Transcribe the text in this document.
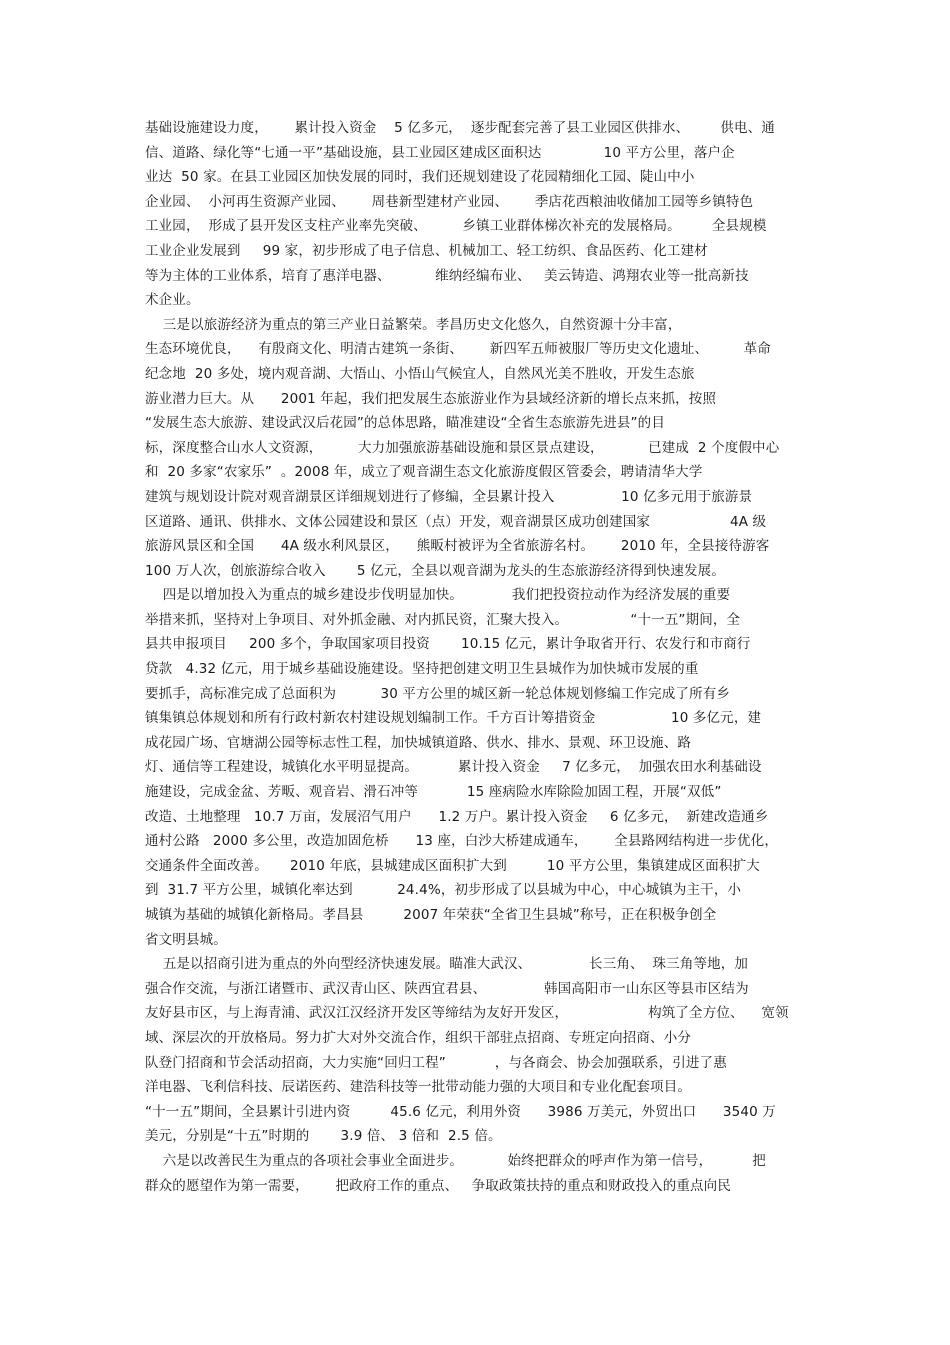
基础设施建设力度，      累计投入资金    5 亿多元，  逐步配套完善了县工业园区供排水、       供电、通
信、道路、绿化等“七通一平”基础设施，县工业园区建成区面积达              10 平方公里，落户企
业达  50 家。在县工业园区加快发展的同时，我们还规划建设了花园精细化工园、陡山中小
企业园、  小河再生资源产业园、      周巷新型建材产业园、      季店花西粮油收储加工园等乡镇特色
工业园，  形成了县开发区支柱产业率先突破、        乡镇工业群体梯次补充的发展格局。       全县规模
工业企业发展到     99 家，初步形成了电子信息、机械加工、轻工纺织、食品医药、化工建材
等为主体的工业体系，培育了惠洋电器、          维纳经编布业、   美云铸造、鸿翔农业等一批高新技
术企业。
三是以旅游经济为重点的第三产业日益繁荣。孝昌历史文化悠久，自然资源十分丰富，
生态环境优良，    有殷商文化、明清古建筑一条街、      新四军五师被服厂等历史文化遗址、        革命
纪念地  20 多处，境内观音湖、大悟山、小悟山气候宜人，自然风光美不胜收，开发生态旅
游业潜力巨大。从      2001 年起，我们把发展生态旅游业作为县域经济新的增长点来抓，按照
“发展生态大旅游、建设武汉后花园”的总体思路，瞄准建设“全省生态旅游先进县”的目
标，深度整合山水人文资源，        大力加强旅游基础设施和景区景点建设，          已建成  2 个度假中心
和  20 多家“农家乐”  。2008 年，成立了观音湖生态文化旅游度假区管委会，聘请清华大学
建筑与规划设计院对观音湖景区详细规划进行了修编，全县累计投入               10 亿多元用于旅游景
区道路、通讯、供排水、文体公园建设和景区（点）开发，观音湖景区成功创建国家                  4A 级
旅游风景区和全国      4A 级水利风景区，    熊畈村被评为全省旅游名村。      2010 年，全县接待游客
100 万人次，创旅游综合收入       5 亿元，全县以观音湖为龙头的生态旅游经济得到快速发展。
四是以增加投入为重点的城乡建设步伐明显加快。           我们把投资拉动作为经济发展的重要
举措来抓，坚持对上争项目、对外抓金融、对内抓民资，汇聚大投入。              “十一五”期间，全
县共申报项目     200 多个，争取国家项目投资       10.15 亿元，累计争取省开行、农发行和市商行
贷款   4.32 亿元，用于城乡基础设施建设。坚持把创建文明卫生县城作为加快城市发展的重
要抓手，高标准完成了总面积为          30 平方公里的城区新一轮总体规划修编工作完成了所有乡
镇集镇总体规划和所有行政村新农村建设规划编制工作。千方百计筹措资金                 10 多亿元，建
成花园广场、官塘湖公园等标志性工程，加快城镇道路、供水、排水、景观、环卫设施、路
灯、通信等工程建设，城镇化水平明显提高。         累计投入资金     7 亿多元，  加强农田水利基础设
施建设，完成金盆、芳畈、观音岩、滑石冲等           15 座病险水库除险加固工程，开展“双低”
改造、土地整理   10.7 万亩，发展沼气用户      1.2 万户。累计投入资金     6 亿多元，  新建改造通乡
通村公路   2000 多公里，改造加固危桥      13 座，白沙大桥建成通车，      全县路网结构进一步优化，
交通条件全面改善。     2010 年底，县城建成区面积扩大到         10 平方公里，集镇建成区面积扩大
到  31.7 平方公里，城镇化率达到          24.4%，初步形成了以县城为中心，中心城镇为主干，小
城镇为基础的城镇化新格局。孝昌县         2007 年荣获“全省卫生县城”称号，正在积极争创全
省文明县城。
五是以招商引进为重点的外向型经济快速发展。瞄准大武汉、             长三角、  珠三角等地，加
强合作交流，与浙江诸暨市、武汉青山区、陕西宜君县、             韩国高阳市一山东区等县市区结为
友好县市区，与上海青浦、武汉江汉经济开发区等缔结为友好开发区，                  构筑了全方位、    宽领
域、深层次的开放格局。努力扩大对外交流合作，组织干部驻点招商、专班定向招商、小分
队登门招商和节会活动招商，大力实施“回归工程”           ，与各商会、协会加强联系，引进了惠
洋电器、飞利信科技、辰诺医药、建浩科技等一批带动能力强的大项目和专业化配套项目。
“十一五”期间，全县累计引进内资         45.6 亿元，利用外资      3986 万美元，外贸出口      3540 万
美元，分别是“十五”时期的       3.9 倍、 3 倍和  2.5 倍。
六是以改善民生为重点的各项社会事业全面进步。          始终把群众的呼声作为第一信号，         把
群众的愿望作为第一需要，      把政府工作的重点、   争取政策扶持的重点和财政投入的重点向民
